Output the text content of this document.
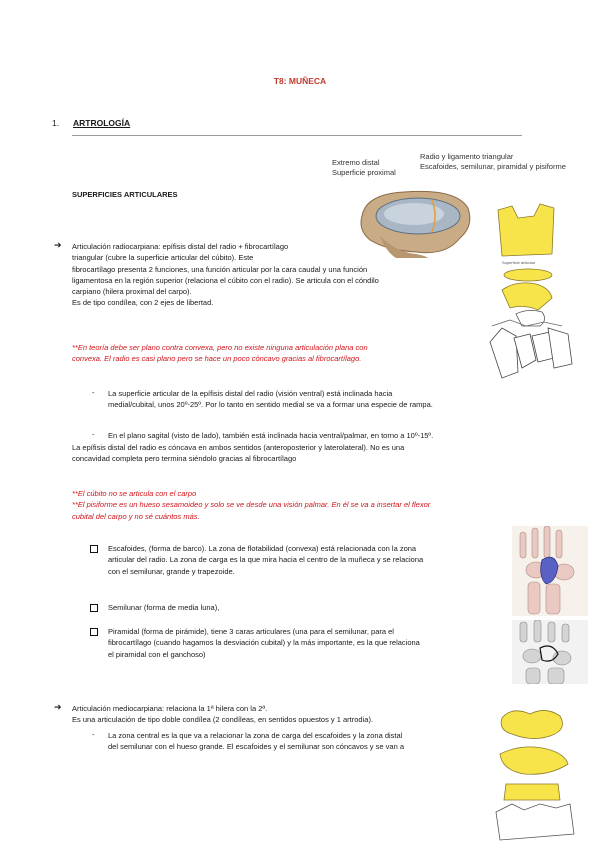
T8: MUÑECA
1. ARTROLOGÍA
Extremo distal
Superficie proximal
Radio y ligamento triangular
Escafoides, semilunar, piramidal y pisiforme
Superficie articular
SUPERFICIES ARTICULARES
➔ Articulación radiocarpiana: epífisis distal del radio + fibrocartílago
triangular (cubre la superficie articular del cúbito). Este
fibrocartílago presenta 2 funciones, una función articular por la cara caudal y una función
ligamentosa en la región superior (relaciona el cúbito con el radio). Se articula con el cóndilo
carpiano (hilera proximal del carpo).
Es de tipo condílea, con 2 ejes de libertad.
**En teoría debe ser plano contra convexa, pero no existe ninguna articulación plana con
convexa. El radio es casi plano pero se hace un poco cóncavo gracias al fibrocartílago.
- La superficie articular de la epífisis distal del radio (visión ventral) está inclinada hacia
medial/cubital, unos 20º-25º. Por lo tanto en sentido medial se va a formar una especie de rampa.
- En el plano sagital (visto de lado), también está inclinada hacia ventral/palmar, en torno a 10º-15º.
La epífisis distal del radio es cóncava en ambos sentidos (anteroposterior y laterolateral). No es una
concavidad completa pero termina siéndolo gracias al fibrocartílago
**El cúbito no se articula con el carpo
**El pisiforme es un hueso sesamoideo y solo se ve desde una visión palmar. En él se va a insertar el flexor
cubital del carpo y no sé cuántos más.
Escafoides, (forma de barco). La zona de flotabilidad (convexa) está relacionada con la zona
articular del radio. La zona de carga es la que mira hacia el centro de la muñeca y se relaciona
con el semilunar, grande y trapezoide.
Semilunar (forma de media luna),
Piramidal (forma de pirámide), tiene 3 caras articulares (una para el semilunar, para el
fibrocartílago (cuando hagamos la desviación cubital) y la más importante, es la que relaciona
el piramidal con el ganchoso)
➔ Articulación mediocarpiana: relaciona la 1ª hilera con la 2ª.
Es una articulación de tipo doble condílea (2 condíleas, en sentidos opuestos y 1 artrodia).
- La zona central es la que va a relacionar la zona de carga del escafoides y la zona distal
del semilunar con el hueso grande. El escafoides y el semilunar son cóncavos y se van a
